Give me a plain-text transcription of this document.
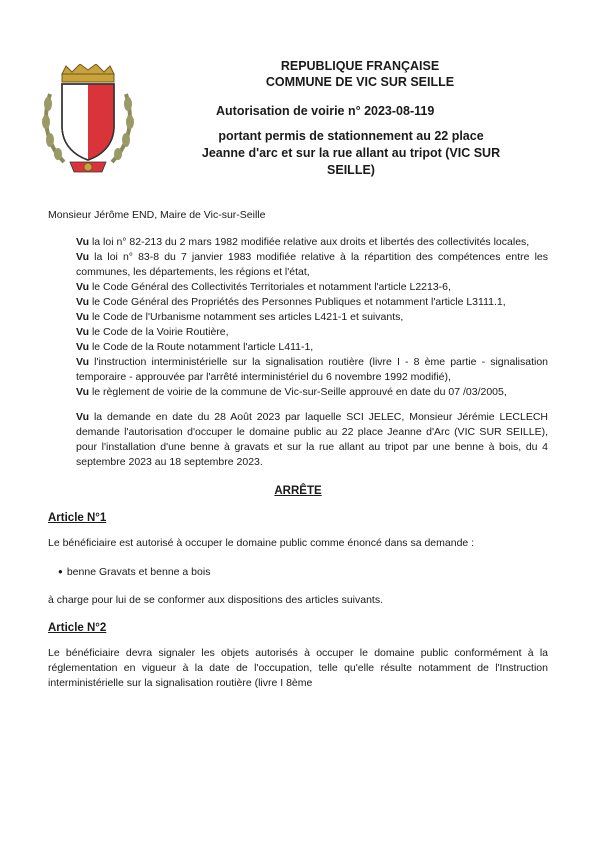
REPUBLIQUE FRANÇAISE
COMMUNE DE VIC SUR SEILLE
Autorisation de voirie n° 2023-08-119
portant permis de stationnement au 22 place Jeanne d'arc et sur la rue allant au tripot (VIC SUR SEILLE)

Monsieur Jérôme END, Maire de Vic-sur-Seille

Vu la loi n° 82-213 du 2 mars 1982 modifiée relative aux droits et libertés des collectivités locales,
Vu la loi n° 83-8 du 7 janvier 1983 modifiée relative à la répartition des compétences entre les communes, les départements, les régions et l'état,
Vu le Code Général des Collectivités Territoriales et notamment l'article L2213-6,
Vu le Code Général des Propriétés des Personnes Publiques et notamment l'article L3111.1,
Vu le Code de l'Urbanisme notamment ses articles L421-1 et suivants,
Vu le Code de la Voirie Routière,
Vu le Code de la Route notamment l'article L411-1,
Vu l'instruction interministérielle sur la signalisation routière (livre I - 8 ème partie - signalisation temporaire - approuvée par l'arrêté interministériel du 6 novembre 1992 modifié),
Vu le règlement de voirie de la commune de Vic-sur-Seille approuvé en date du 07 /03/2005,

Vu la demande en date du 28 Août 2023 par laquelle SCI JELEC, Monsieur Jérémie LECLECH demande l'autorisation d'occuper le domaine public au 22 place Jeanne d'Arc (VIC SUR SEILLE), pour l'installation d'une benne à gravats et sur la rue allant au tripot par une benne à bois, du 4 septembre 2023 au 18 septembre 2023.

ARRÊTE

Article N°1

Le bénéficiaire est autorisé à occuper le domaine public comme énoncé dans sa demande :

● benne Gravats et benne a bois

à charge pour lui de se conformer aux dispositions des articles suivants.

Article N°2

Le bénéficiaire devra signaler les objets autorisés à occuper le domaine public conformément à la réglementation en vigueur à la date de l'occupation, telle qu'elle résulte notamment de l'Instruction interministérielle sur la signalisation routière (livre I 8ème
